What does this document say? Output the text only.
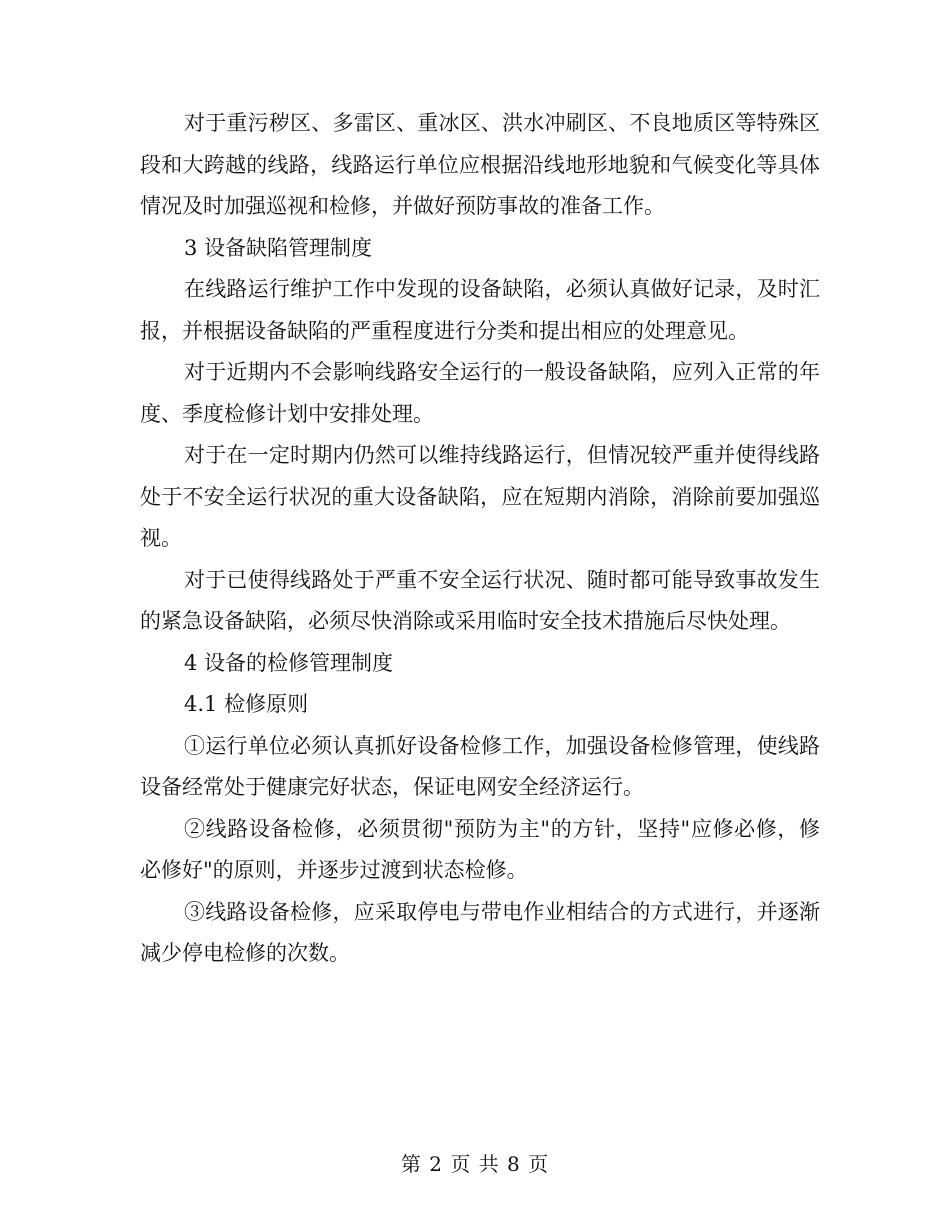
对于重污秽区、多雷区、重冰区、洪水冲刷区、不良地质区等特殊区段和大跨越的线路，线路运行单位应根据沿线地形地貌和气候变化等具体情况及时加强巡视和检修，并做好预防事故的准备工作。

3 设备缺陷管理制度

在线路运行维护工作中发现的设备缺陷，必须认真做好记录，及时汇报，并根据设备缺陷的严重程度进行分类和提出相应的处理意见。

对于近期内不会影响线路安全运行的一般设备缺陷，应列入正常的年度、季度检修计划中安排处理。

对于在一定时期内仍然可以维持线路运行，但情况较严重并使得线路处于不安全运行状况的重大设备缺陷，应在短期内消除，消除前要加强巡视。

对于已使得线路处于严重不安全运行状况、随时都可能导致事故发生的紧急设备缺陷，必须尽快消除或采用临时安全技术措施后尽快处理。

4 设备的检修管理制度

4.1 检修原则

①运行单位必须认真抓好设备检修工作，加强设备检修管理，使线路设备经常处于健康完好状态，保证电网安全经济运行。

②线路设备检修，必须贯彻"预防为主"的方针，坚持"应修必修，修必修好"的原则，并逐步过渡到状态检修。

③线路设备检修，应采取停电与带电作业相结合的方式进行，并逐渐减少停电检修的次数。

第 2 页 共 8 页
